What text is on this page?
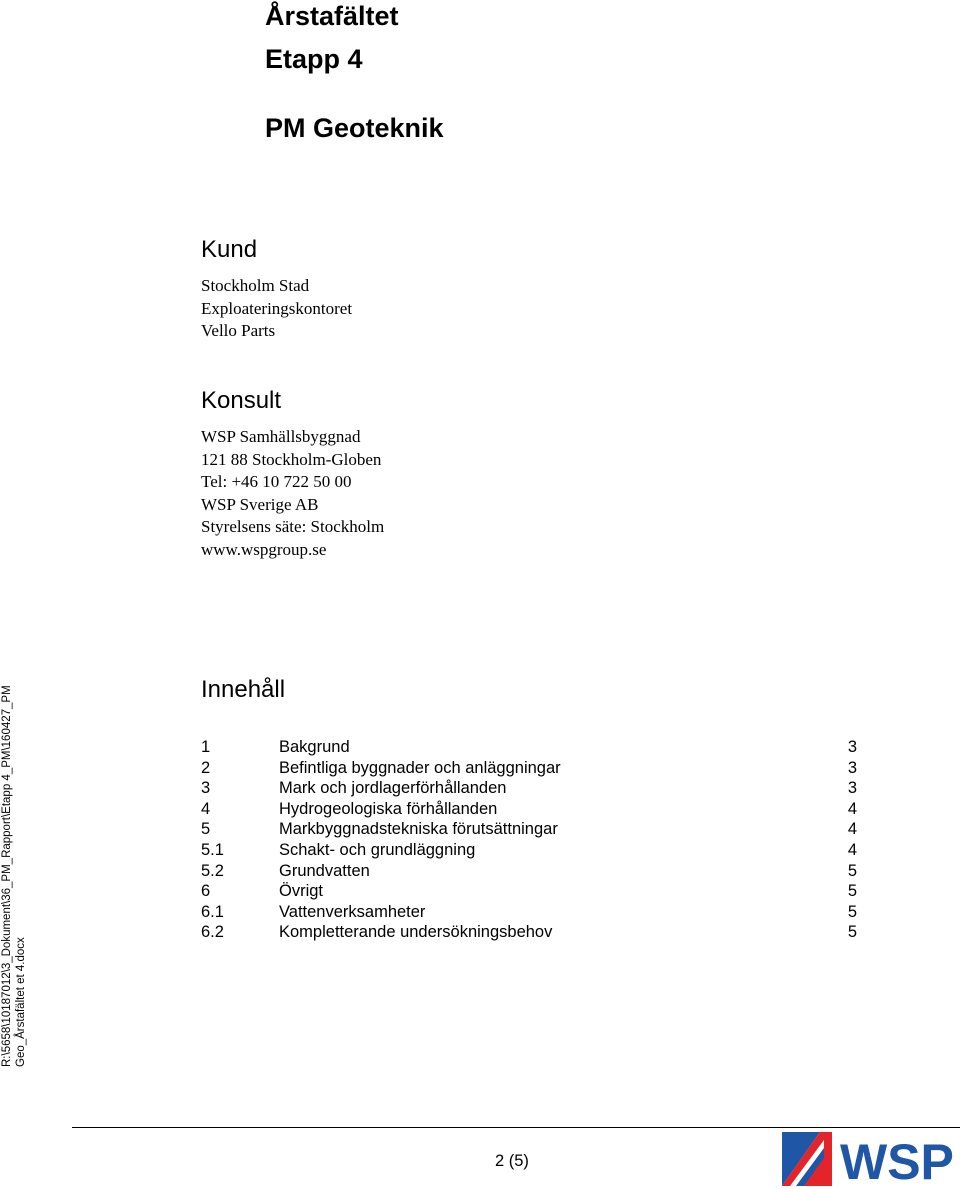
Årstafältet
Etapp 4
PM Geoteknik
Kund
Stockholm Stad
Exploateringskontoret
Vello Parts
Konsult
WSP Samhällsbyggnad
121 88 Stockholm-Globen
Tel: +46 10 722 50 00
WSP Sverige AB
Styrelsens säte: Stockholm
www.wspgroup.se
Innehåll
1	Bakgrund	3
2	Befintliga byggnader och anläggningar	3
3	Mark och jordlagerförhållanden	3
4	Hydrogeologiska förhållanden	4
5	Markbyggnadstekniska förutsättningar	4
5.1	Schakt- och grundläggning	4
5.2	Grundvatten	5
6	Övrigt	5
6.1	Vattenverksamheter	5
6.2	Kompletterande undersökningsbehov	5
R:\5658\10187012\3_Dokument\36_PM_Rapport\Etapp 4_PM\160427_PM Geo_Årstafältet et 4.docx
2 (5)	WSP
